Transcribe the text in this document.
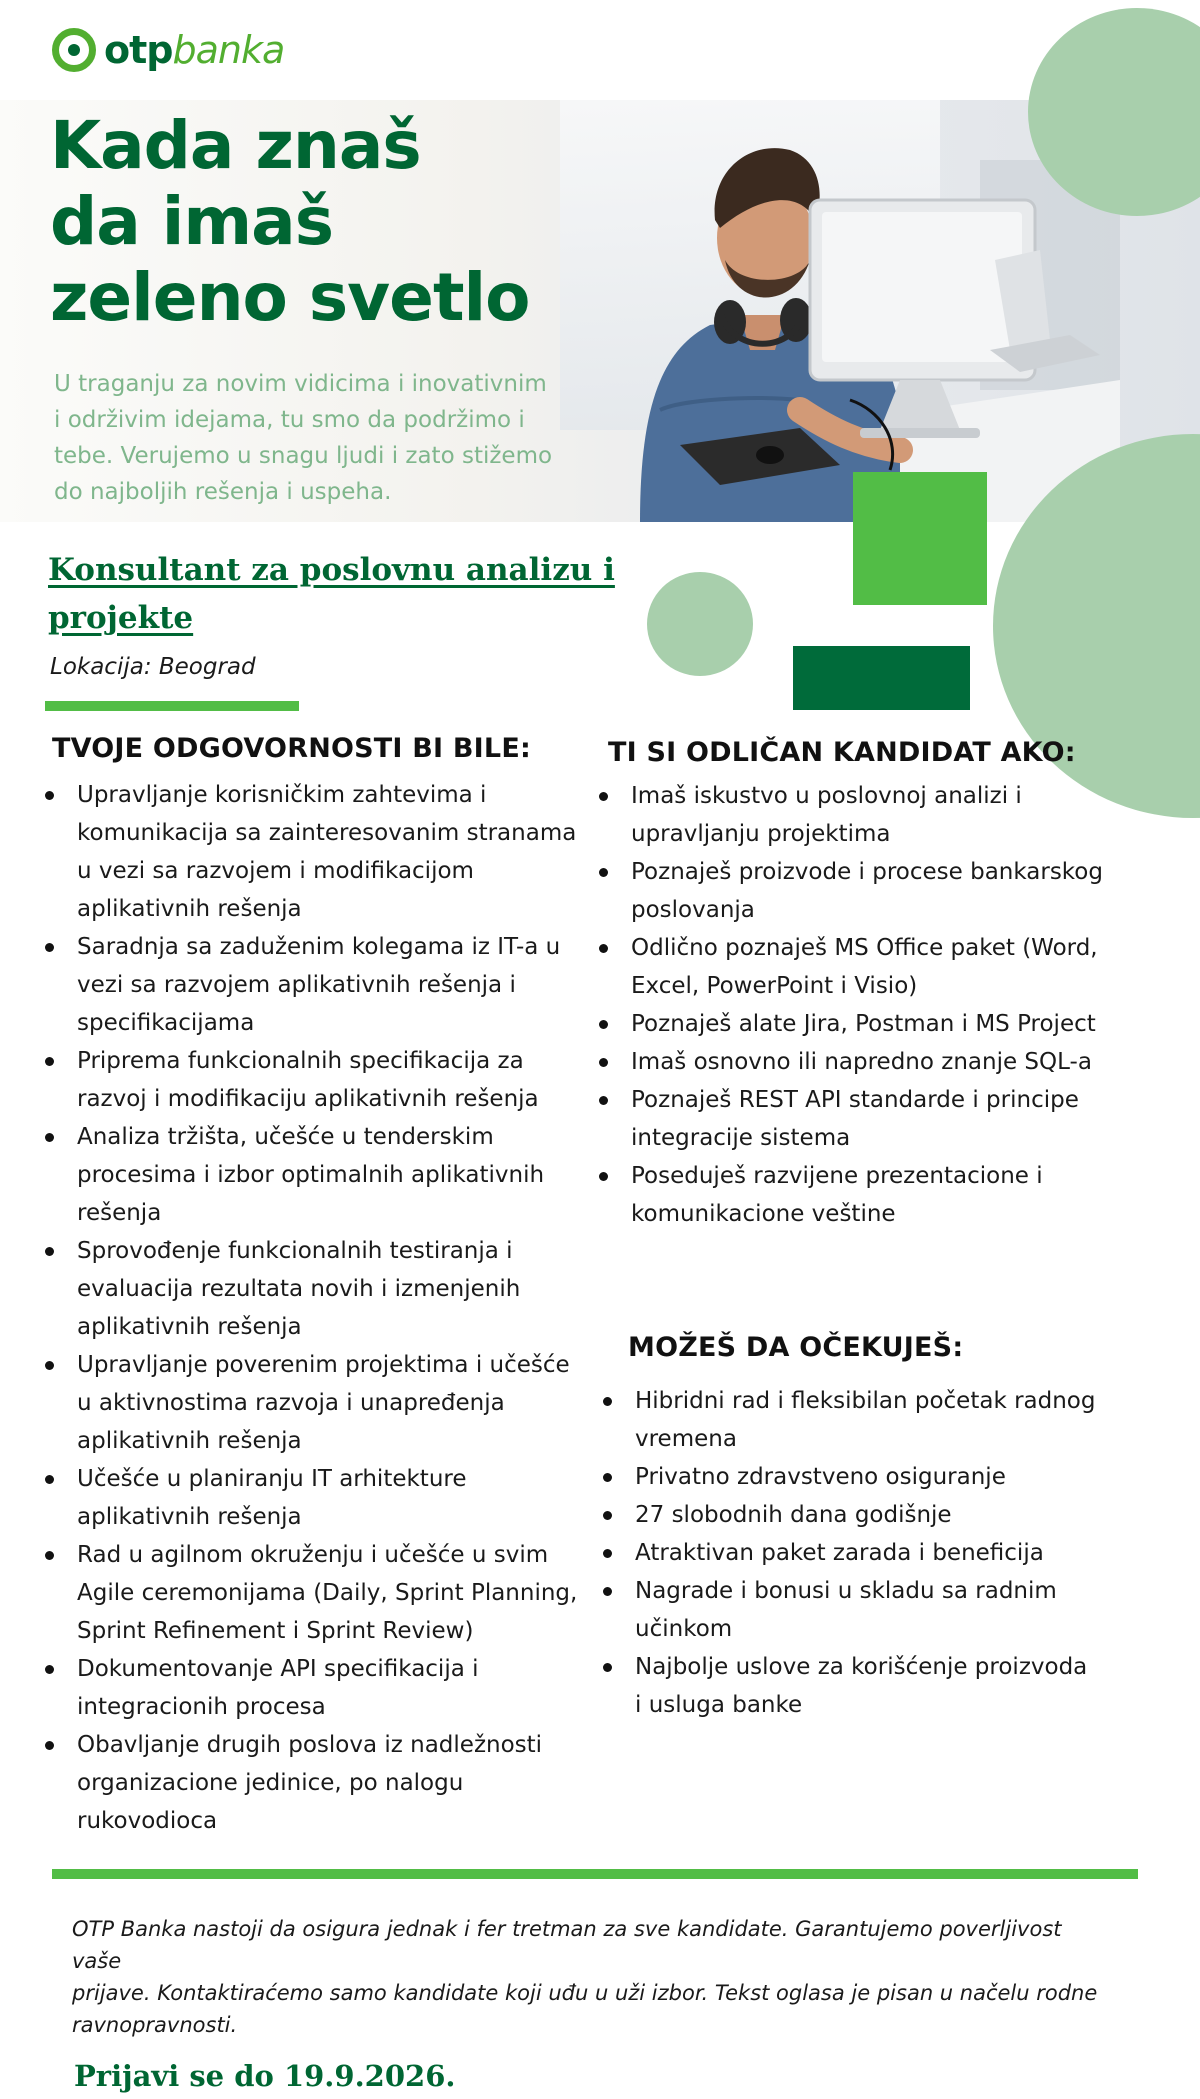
otpbanka
Kada znaš
da imaš
zeleno svetlo
U traganju za novim vidicima i inovativnim
i održivim idejama, tu smo da podržimo i
tebe. Verujemo u snagu ljudi i zato stižemo
do najboljih rešenja i uspeha.
Konsultant za poslovnu analizu i
projekte
Lokacija: Beograd
TVOJE ODGOVORNOSTI BI BILE:
Upravljanje korisničkim zahtevima i
komunikacija sa zainteresovanim stranama
u vezi sa razvojem i modifikacijom
aplikativnih rešenja
Saradnja sa zaduženim kolegama iz IT-a u
vezi sa razvojem aplikativnih rešenja i
specifikacijama
Priprema funkcionalnih specifikacija za
razvoj i modifikaciju aplikativnih rešenja
Analiza tržišta, učešće u tenderskim
procesima i izbor optimalnih aplikativnih
rešenja
Sprovođenje funkcionalnih testiranja i
evaluacija rezultata novih i izmenjenih
aplikativnih rešenja
Upravljanje poverenim projektima i učešće
u aktivnostima razvoja i unapređenja
aplikativnih rešenja
Učešće u planiranju IT arhitekture
aplikativnih rešenja
Rad u agilnom okruženju i učešće u svim
Agile ceremonijama (Daily, Sprint Planning,
Sprint Refinement i Sprint Review)
Dokumentovanje API specifikacija i
integracionih procesa
Obavljanje drugih poslova iz nadležnosti
organizacione jedinice, po nalogu
rukovodioca
TI SI ODLIČAN KANDIDAT AKO:
Imaš iskustvo u poslovnoj analizi i
upravljanju projektima
Poznaješ proizvode i procese bankarskog
poslovanja
Odlično poznaješ MS Office paket (Word,
Excel, PowerPoint i Visio)
Poznaješ alate Jira, Postman i MS Project
Imaš osnovno ili napredno znanje SQL-a
Poznaješ REST API standarde i principe
integracije sistema
Poseduješ razvijene prezentacione i
komunikacione veštine
MOŽEŠ DA OČEKUJEŠ:
Hibridni rad i fleksibilan početak radnog
vremena
Privatno zdravstveno osiguranje
27 slobodnih dana godišnje
Atraktivan paket zarada i beneficija
Nagrade i bonusi u skladu sa radnim učinkom
Najbolje uslove za korišćenje proizvoda
i usluga banke
OTP Banka nastoji da osigura jednak i fer tretman za sve kandidate. Garantujemo poverljivost vaše
prijave. Kontaktiraćemo samo kandidate koji uđu u uži izbor. Tekst oglasa je pisan u načelu rodne
ravnopravnosti.
Prijavi se do 19.9.2026.
